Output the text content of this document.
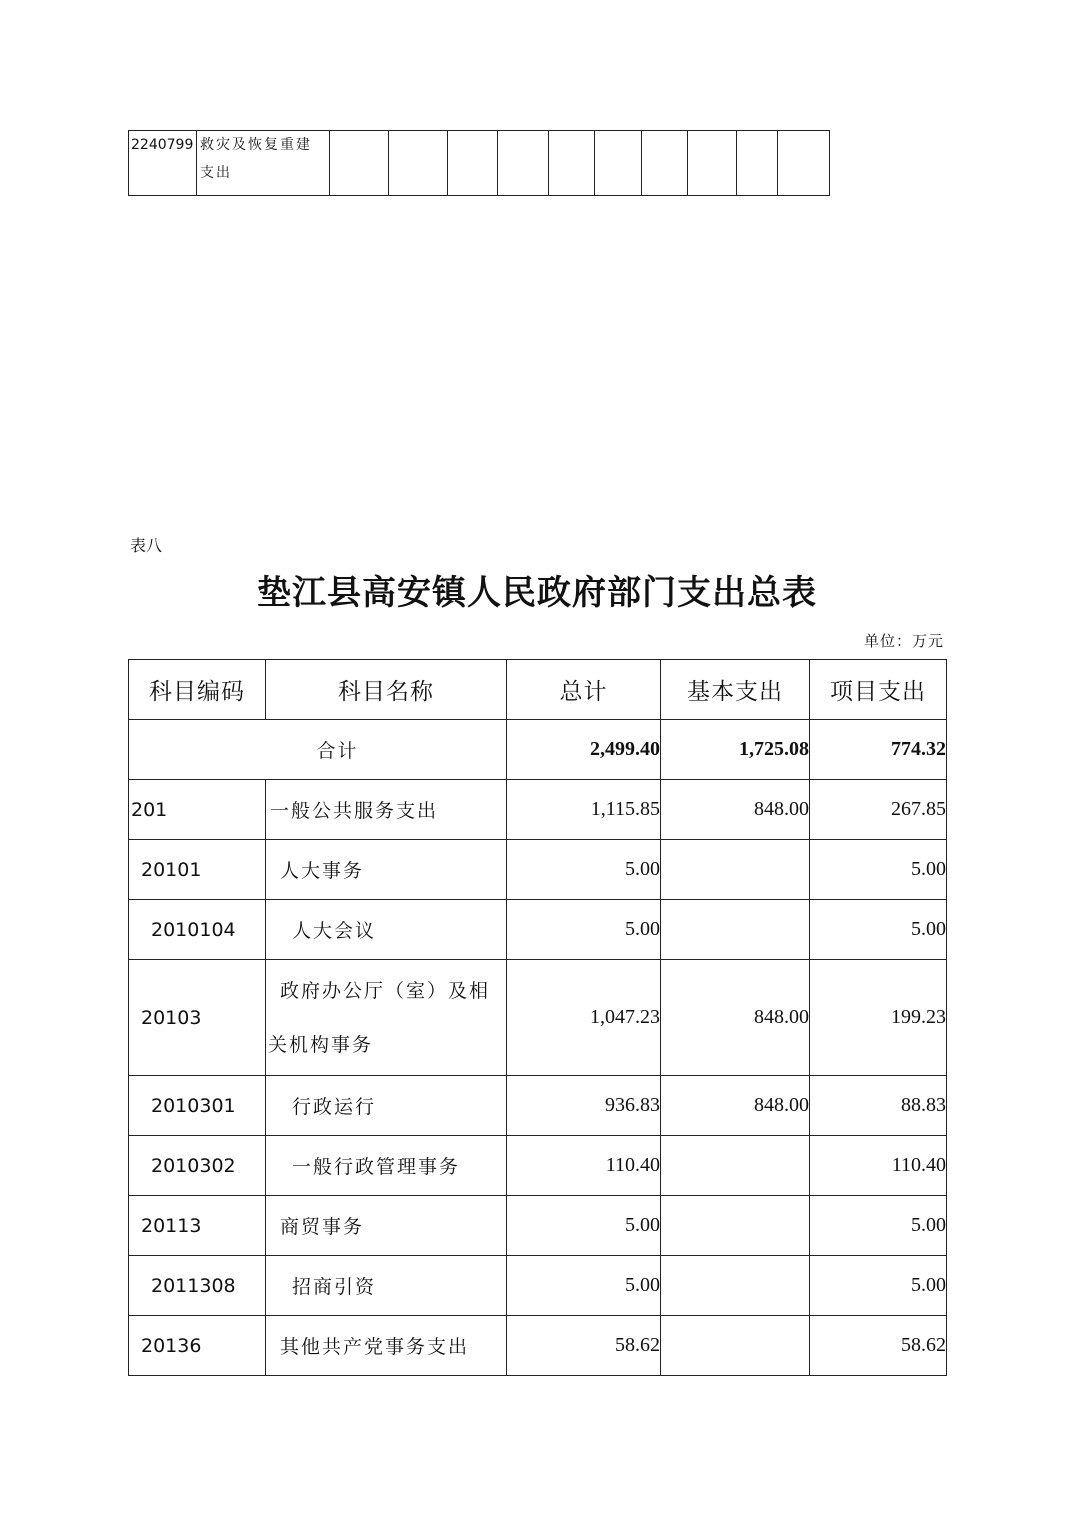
2240799	救灾及恢复重建
支出

表八
垫江县高安镇人民政府部门支出总表
单位：万元
科目编码	科目名称	总计	基本支出	项目支出
合计		2,499.40	1,725.08	774.32
201	一般公共服务支出	1,115.85	848.00	267.85
20101	人大事务	5.00		5.00
2010104	人大会议	5.00		5.00
20103	政府办公厅（室）及相
关机构事务	1,047.23	848.00	199.23
2010301	行政运行	936.83	848.00	88.83
2010302	一般行政管理事务	110.40		110.40
20113	商贸事务	5.00		5.00
2011308	招商引资	5.00		5.00
20136	其他共产党事务支出	58.62		58.62
